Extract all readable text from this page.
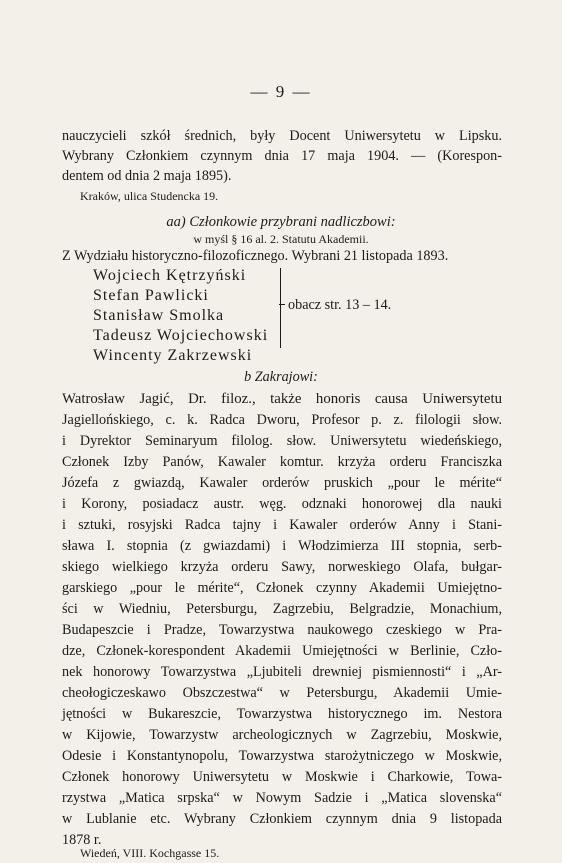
— 9 —
nauczycieli szkół średnich, były Docent Uniwersytetu w Lipsku.
Wybrany Członkiem czynnym dnia 17 maja 1904. — (Korespon-
dentem od dnia 2 maja 1895).
Kraków, ulica Studencka 19.
aa) Członkowie przybrani nadliczbowi:
w myśl § 16 al. 2. Statutu Akademii.
Z Wydziału historyczno-filozoficznego. Wybrani 21 listopada 1893.
Wojciech Kętrzyński
Stefan Pawlicki
Stanisław Smolka
Tadeusz Wojciechowski
Wincenty Zakrzewski
obacz str. 13 – 14.
b Zakrajowi:
Watrosław Jagić, Dr. filoz., także honoris causa Uniwersytetu
Jagiellońskiego, c. k. Radca Dworu, Profesor p. z. filologii słow.
i Dyrektor Seminaryum filolog. słow. Uniwersytetu wiedeńskiego,
Członek Izby Panów, Kawaler komtur. krzyża orderu Franciszka
Józefa z gwiazdą, Kawaler orderów pruskich „pour le mérite“
i Korony, posiadacz austr. węg. odznaki honorowej dla nauki
i sztuki, rosyjski Radca tajny i Kawaler orderów Anny i Stani-
sława I. stopnia (z gwiazdami) i Włodzimierza III stopnia, serb-
skiego wielkiego krzyża orderu Sawy, norweskiego Olafa, bułgar-
garskiego „pour le mérite“, Członek czynny Akademii Umiejętno-
ści w Wiedniu, Petersburgu, Zagrzebiu, Belgradzie, Monachium,
Budapeszcie i Pradze, Towarzystwa naukowego czeskiego w Pra-
dze, Członek-korespondent Akademii Umiejętności w Berlinie, Czło-
nek honorowy Towarzystwa „Ljubiteli drewniej pismiennosti“ i „Ar-
cheołogiczeskawo Obszczestwa“ w Petersburgu, Akademii Umie-
jętności w Bukareszcie, Towarzystwa historycznego im. Nestora
w Kijowie, Towarzystw archeologicznych w Zagrzebiu, Moskwie,
Odesie i Konstantynopolu, Towarzystwa starożytniczego w Moskwie,
Członek honorowy Uniwersytetu w Moskwie i Charkowie, Towa-
rzystwa „Matica srpska“ w Nowym Sadzie i „Matica slovenska“
w Lublanie etc. Wybrany Członkiem czynnym dnia 9 listopada
1878 r.
Wiedeń, VIII. Kochgasse 15.
